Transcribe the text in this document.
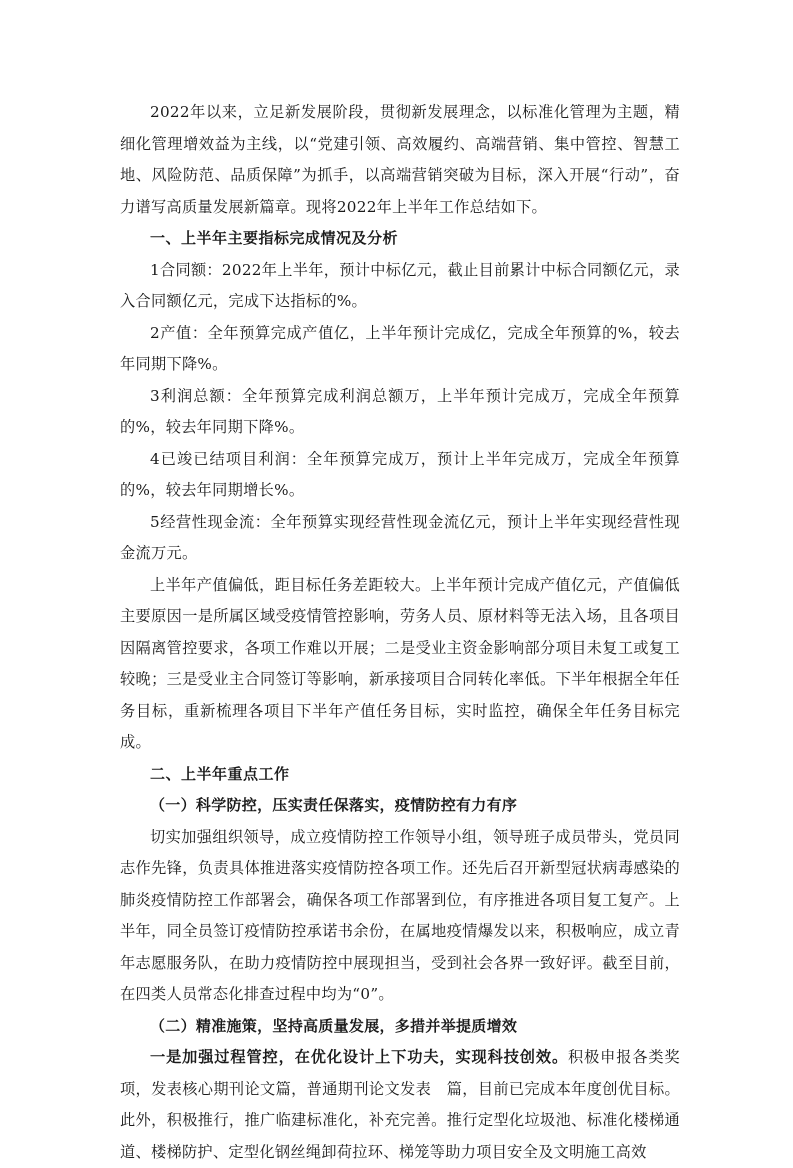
2022年以来，立足新发展阶段，贯彻新发展理念，以标准化管理为主题，精细化管理增效益为主线，以“党建引领、高效履约、高端营销、集中管控、智慧工地、风险防范、品质保障”为抓手，以高端营销突破为目标，深入开展“行动”，奋力谱写高质量发展新篇章。现将2022年上半年工作总结如下。

一、上半年主要指标完成情况及分析

1合同额：2022年上半年，预计中标亿元，截止目前累计中标合同额亿元，录入合同额亿元，完成下达指标的%。

2产值：全年预算完成产值亿，上半年预计完成亿，完成全年预算的%，较去年同期下降%。

3利润总额：全年预算完成利润总额万，上半年预计完成万，完成全年预算的%，较去年同期下降%。

4已竣已结项目利润：全年预算完成万，预计上半年完成万，完成全年预算的%，较去年同期增长%。

5经营性现金流：全年预算实现经营性现金流亿元，预计上半年实现经营性现金流万元。

上半年产值偏低，距目标任务差距较大。上半年预计完成产值亿元，产值偏低主要原因一是所属区域受疫情管控影响，劳务人员、原材料等无法入场，且各项目因隔离管控要求，各项工作难以开展；二是受业主资金影响部分项目未复工或复工较晚；三是受业主合同签订等影响，新承接项目合同转化率低。下半年根据全年任务目标，重新梳理各项目下半年产值任务目标，实时监控，确保全年任务目标完成。

二、上半年重点工作

（一）科学防控，压实责任保落实，疫情防控有力有序

切实加强组织领导，成立疫情防控工作领导小组，领导班子成员带头，党员同志作先锋，负责具体推进落实疫情防控各项工作。还先后召开新型冠状病毒感染的肺炎疫情防控工作部署会，确保各项工作部署到位，有序推进各项目复工复产。上半年，同全员签订疫情防控承诺书余份，在属地疫情爆发以来，积极响应，成立青年志愿服务队，在助力疫情防控中展现担当，受到社会各界一致好评。截至目前，在四类人员常态化排查过程中均为“0”。

（二）精准施策，坚持高质量发展，多措并举提质增效

一是加强过程管控，在优化设计上下功夫，实现科技创效。积极申报各类奖项，发表核心期刊论文篇，普通期刊论文发表　篇，目前已完成本年度创优目标。此外，积极推行，推广临建标准化，补充完善。推行定型化垃圾池、标准化楼梯通道、楼梯防护、定型化钢丝绳卸荷拉环、梯笼等助力项目安全及文明施工高效
